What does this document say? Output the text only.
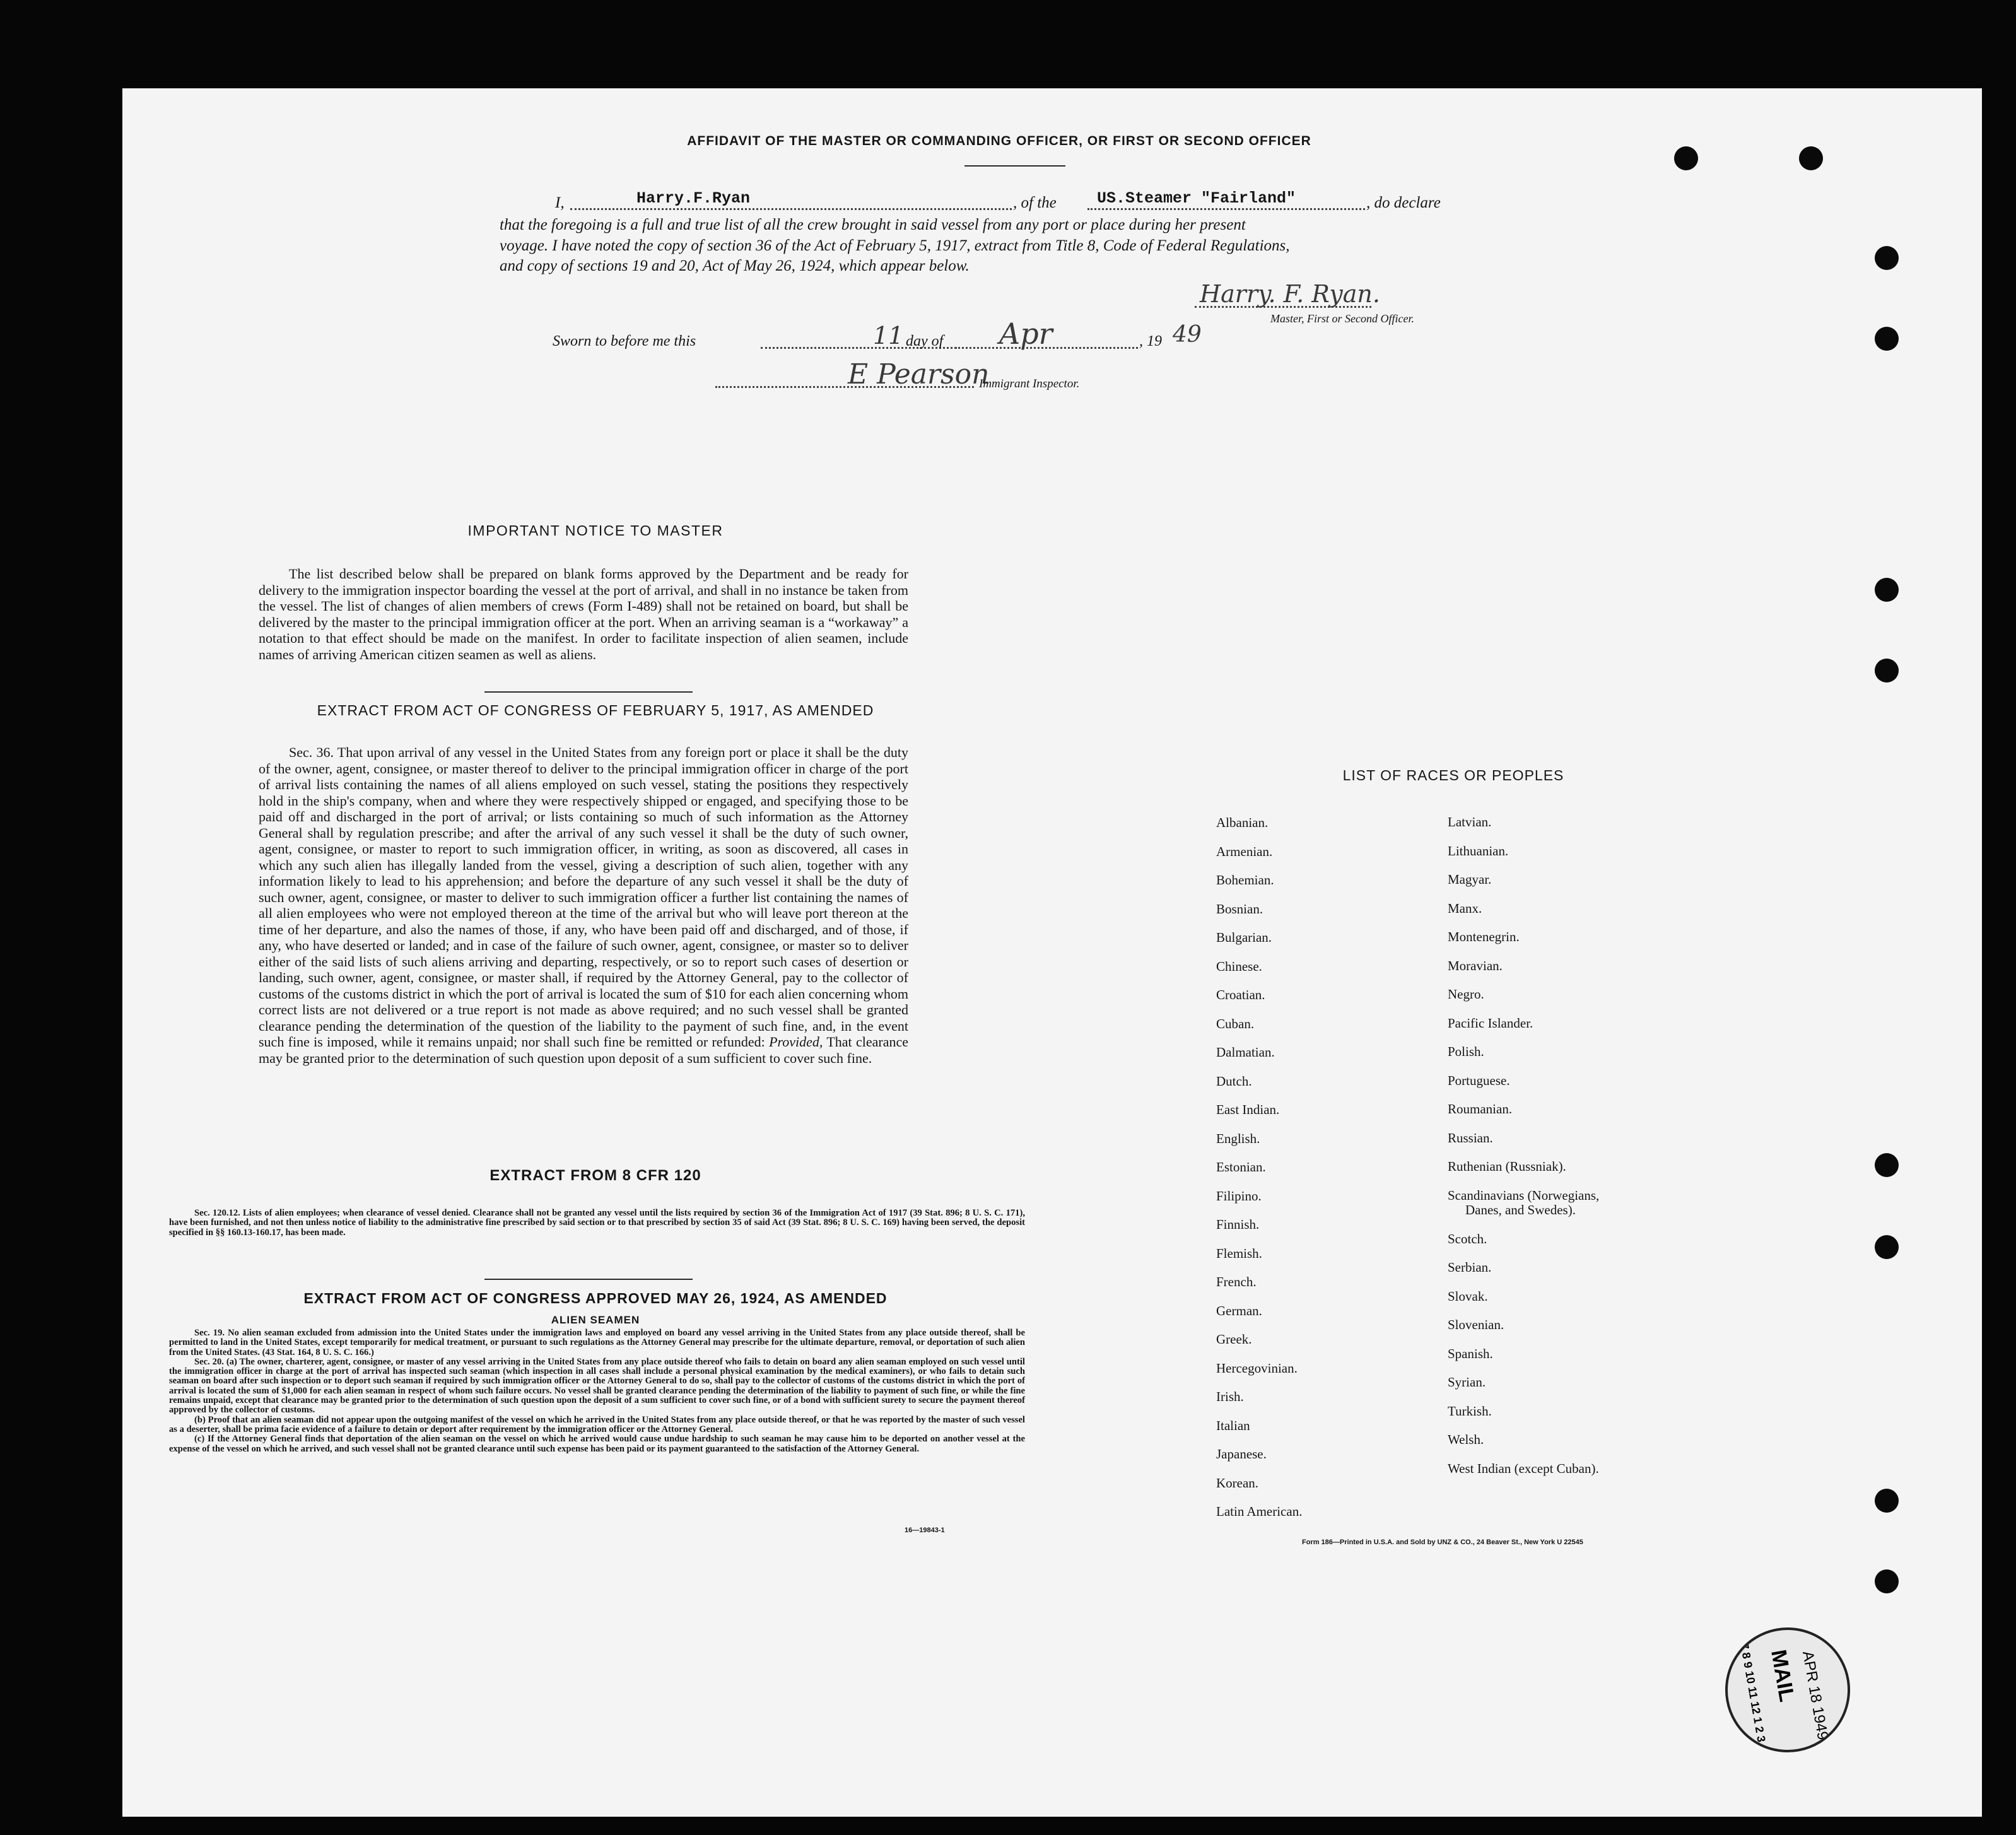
AFFIDAVIT OF THE MASTER OR COMMANDING OFFICER, OR FIRST OR SECOND OFFICER
I,	Harry.F.Ryan	, of the	US.Steamer "Fairland"	, do declare
that the foregoing is a full and true list of all the crew brought in said vessel from any port or place during her present
voyage. I have noted the copy of section 36 of the Act of February 5, 1917, extract from Title 8, Code of Federal Regulations,
and copy of sections 19 and 20, Act of May 26, 1924, which appear below.
Harry. F. Ryan.
Master, First or Second Officer.
Sworn to before me this	11 day of Apr	, 19 49
E Pearson
Immigrant Inspector.
IMPORTANT NOTICE TO MASTER
The list described below shall be prepared on blank forms approved by the Department and be ready for delivery to the immigration inspector boarding the vessel at the port of arrival, and shall in no instance be taken from the vessel. The list of changes of alien members of crews (Form I-489) shall not be retained on board, but shall be delivered by the master to the principal immigration officer at the port. When an arriving seaman is a “workaway” a notation to that effect should be made on the manifest. In order to facilitate inspection of alien seamen, include names of arriving American citizen seamen as well as aliens.
EXTRACT FROM ACT OF CONGRESS OF FEBRUARY 5, 1917, AS AMENDED
Sec. 36. That upon arrival of any vessel in the United States from any foreign port or place it shall be the duty of the owner, agent, consignee, or master thereof to deliver to the principal immigration officer in charge of the port of arrival lists containing the names of all aliens employed on such vessel, stating the positions they respectively hold in the ship's company, when and where they were respectively shipped or engaged, and specifying those to be paid off and discharged in the port of arrival; or lists containing so much of such information as the Attorney General shall by regulation prescribe; and after the arrival of any such vessel it shall be the duty of such owner, agent, consignee, or master to report to such immigration officer, in writing, as soon as discovered, all cases in which any such alien has illegally landed from the vessel, giving a description of such alien, together with any information likely to lead to his apprehension; and before the departure of any such vessel it shall be the duty of such owner, agent, consignee, or master to deliver to such immigration officer a further list containing the names of all alien employees who were not employed thereon at the time of the arrival but who will leave port thereon at the time of her departure, and also the names of those, if any, who have been paid off and discharged, and of those, if any, who have deserted or landed; and in case of the failure of such owner, agent, consignee, or master so to deliver either of the said lists of such aliens arriving and departing, respectively, or so to report such cases of desertion or landing, such owner, agent, consignee, or master shall, if required by the Attorney General, pay to the collector of customs of the customs district in which the port of arrival is located the sum of $10 for each alien concerning whom correct lists are not delivered or a true report is not made as above required; and no such vessel shall be granted clearance pending the determination of the question of the liability to the payment of such fine, and, in the event such fine is imposed, while it remains unpaid; nor shall such fine be remitted or refunded: Provided, That clearance may be granted prior to the determination of such question upon deposit of a sum sufficient to cover such fine.
EXTRACT FROM 8 CFR 120
Sec. 120.12. Lists of alien employees; when clearance of vessel denied. Clearance shall not be granted any vessel until the lists required by section 36 of the Immigration Act of 1917 (39 Stat. 896; 8 U. S. C. 171), have been furnished, and not then unless notice of liability to the administrative fine prescribed by said section or to that prescribed by section 35 of said Act (39 Stat. 896; 8 U. S. C. 169) having been served, the deposit specified in §§ 160.13-160.17, has been made.
EXTRACT FROM ACT OF CONGRESS APPROVED MAY 26, 1924, AS AMENDED
ALIEN SEAMEN
Sec. 19. No alien seaman excluded from admission into the United States under the immigration laws and employed on board any vessel arriving in the United States from any place outside thereof, shall be permitted to land in the United States, except temporarily for medical treatment, or pursuant to such regulations as the Attorney General may prescribe for the ultimate departure, removal, or deportation of such alien from the United States. (43 Stat. 164, 8 U. S. C. 166.)
Sec. 20. (a) The owner, charterer, agent, consignee, or master of any vessel arriving in the United States from any place outside thereof who fails to detain on board any alien seaman employed on such vessel until the immigration officer in charge at the port of arrival has inspected such seaman (which inspection in all cases shall include a personal physical examination by the medical examiners), or who fails to detain such seaman on board after such inspection or to deport such seaman if required by such immigration officer or the Attorney General to do so, shall pay to the collector of customs of the customs district in which the port of arrival is located the sum of $1,000 for each alien seaman in respect of whom such failure occurs. No vessel shall be granted clearance pending the determination of the liability to payment of such fine, or while the fine remains unpaid, except that clearance may be granted prior to the determination of such question upon the deposit of a sum sufficient to cover such fine, or of a bond with sufficient surety to secure the payment thereof approved by the collector of customs.
(b) Proof that an alien seaman did not appear upon the outgoing manifest of the vessel on which he arrived in the United States from any place outside thereof, or that he was reported by the master of such vessel as a deserter, shall be prima facie evidence of a failure to detain or deport after requirement by the immigration officer or the Attorney General.
(c) If the Attorney General finds that deportation of the alien seaman on the vessel on which he arrived would cause undue hardship to such seaman he may cause him to be deported on another vessel at the expense of the vessel on which he arrived, and such vessel shall not be granted clearance until such expense has been paid or its payment guaranteed to the satisfaction of the Attorney General.
16—19843-1
LIST OF RACES OR PEOPLES
Albanian.
Armenian.
Bohemian.
Bosnian.
Bulgarian.
Chinese.
Croatian.
Cuban.
Dalmatian.
Dutch.
East Indian.
English.
Estonian.
Filipino.
Finnish.
Flemish.
French.
German.
Greek.
Hercegovinian.
Irish.
Italian
Japanese.
Korean.
Latin American.
Latvian.
Lithuanian.
Magyar.
Manx.
Montenegrin.
Moravian.
Negro.
Pacific Islander.
Polish.
Portuguese.
Roumanian.
Russian.
Ruthenian (Russniak).
Scandinavians (Norwegians,
Danes, and Swedes).
Scotch.
Serbian.
Slovak.
Slovenian.
Spanish.
Syrian.
Turkish.
Welsh.
West Indian (except Cuban).
Form 186—Printed in U.S.A. and Sold by UNZ & CO., 24 Beaver St., New York U 22545
APR 18 1949
MAIL
7 8 9 10 11 12 1 2 3 4 5
